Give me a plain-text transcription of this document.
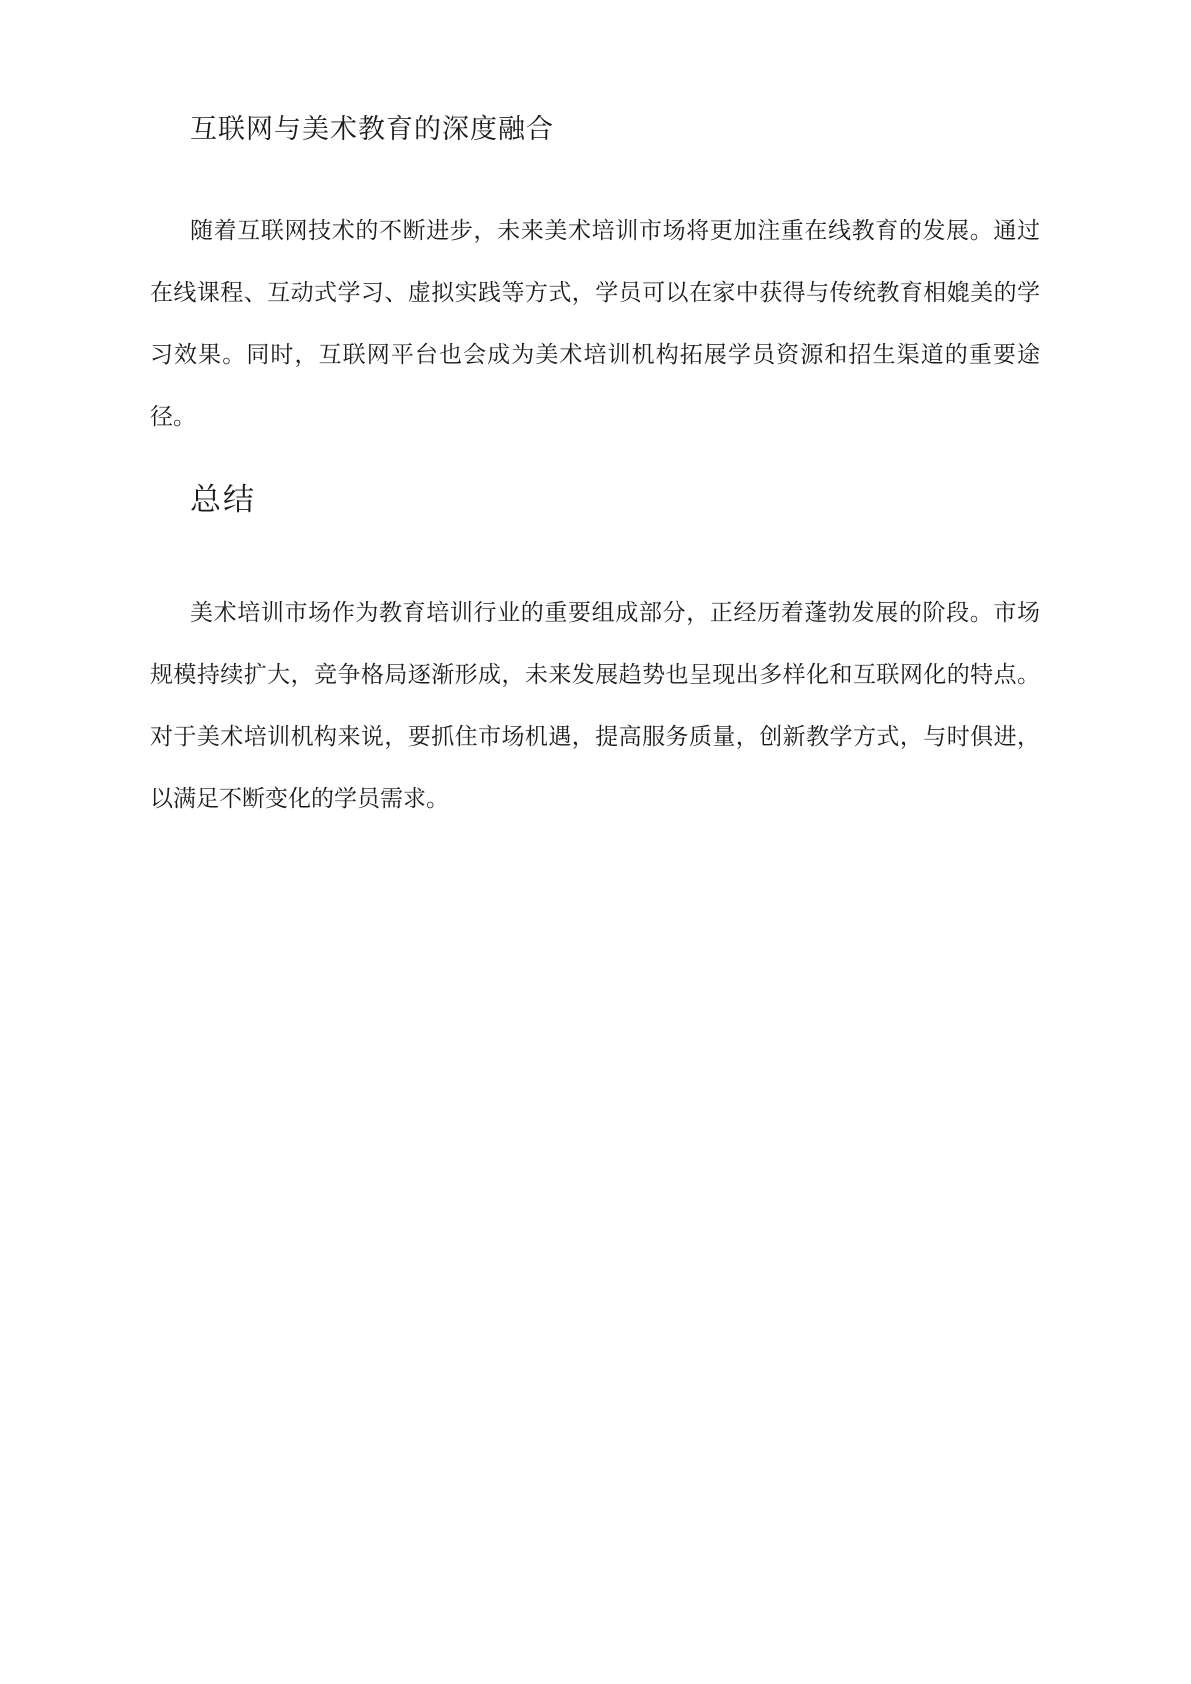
互联网与美术教育的深度融合

随着互联网技术的不断进步，未来美术培训市场将更加注重在线教育的发展。通过在线课程、互动式学习、虚拟实践等方式，学员可以在家中获得与传统教育相媲美的学习效果。同时，互联网平台也会成为美术培训机构拓展学员资源和招生渠道的重要途径。

总结

美术培训市场作为教育培训行业的重要组成部分，正经历着蓬勃发展的阶段。市场规模持续扩大，竞争格局逐渐形成，未来发展趋势也呈现出多样化和互联网化的特点。对于美术培训机构来说，要抓住市场机遇，提高服务质量，创新教学方式，与时俱进，以满足不断变化的学员需求。
